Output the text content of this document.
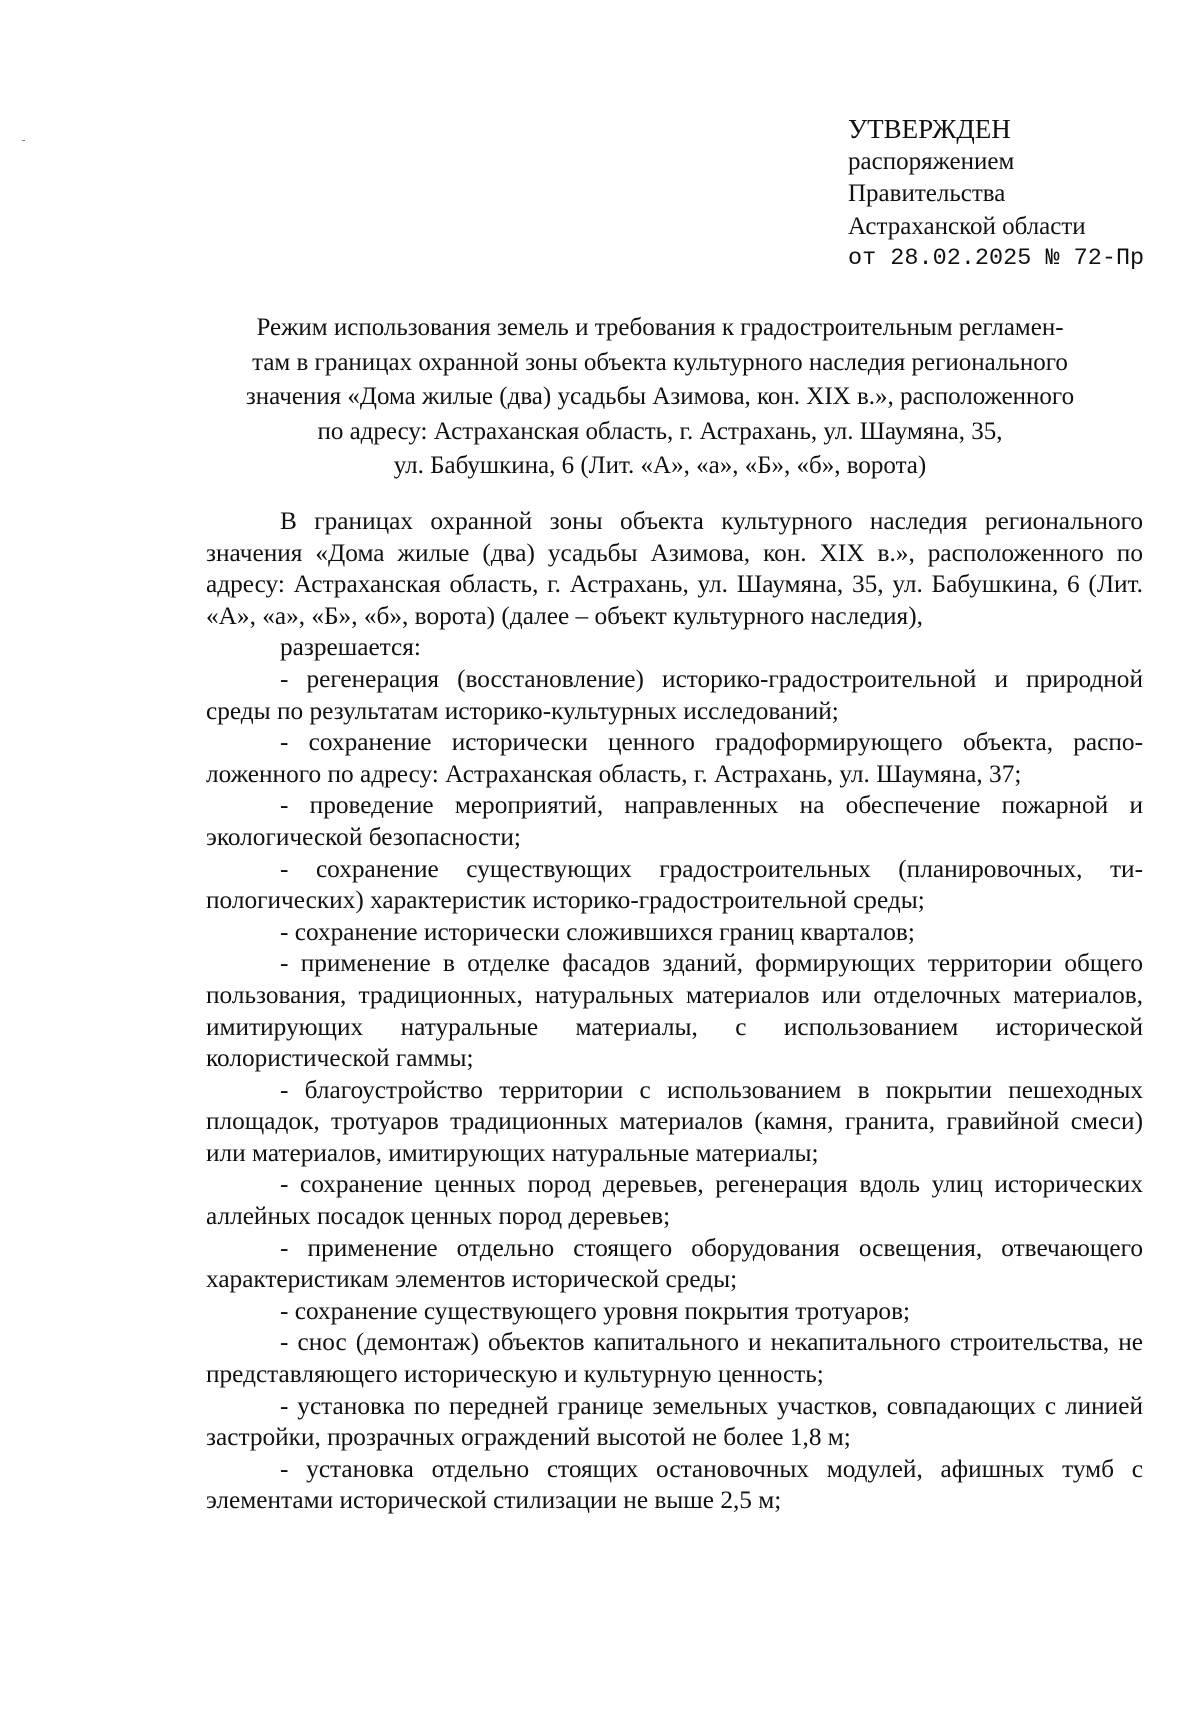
УТВЕРЖДЕН
распоряжением
Правительства
Астраханской области
от 28.02.2025 № 72-Пр
Режим использования земель и требования к градостроительным регламен-
там в границах охранной зоны объекта культурного наследия регионального
значения «Дома жилые (два) усадьбы Азимова, кон. XIX в.», расположенного
по адресу: Астраханская область, г. Астрахань, ул. Шаумяна, 35,
ул. Бабушкина, 6 (Лит. «А», «а», «Б», «б», ворота)

В границах охранной зоны объекта культурного наследия регионального значения «Дома жилые (два) усадьбы Азимова, кон. XIX в.», расположенного по адресу: Астраханская область, г. Астрахань, ул. Шаумяна, 35, ул. Бабушкина, 6 (Лит. «А», «а», «Б», «б», ворота) (далее – объект культурного наследия),

разрешается:

- регенерация (восстановление) историко-градостроительной и природной среды по результатам историко-культурных исследований;

- сохранение исторически ценного градоформирующего объекта, расположенного по адресу: Астраханская область, г. Астрахань, ул. Шаумяна, 37;

- проведение мероприятий, направленных на обеспечение пожарной и экологической безопасности;

- сохранение существующих градостроительных (планировочных, типологических) характеристик историко-градостроительной среды;

- сохранение исторически сложившихся границ кварталов;

- применение в отделке фасадов зданий, формирующих территории общего пользования, традиционных, натуральных материалов или отделочных материалов, имитирующих натуральные материалы, с использованием исторической колористической гаммы;

- благоустройство территории с использованием в покрытии пешеходных площадок, тротуаров традиционных материалов (камня, гранита, гравийной смеси) или материалов, имитирующих натуральные материалы;

- сохранение ценных пород деревьев, регенерация вдоль улиц исторических аллейных посадок ценных пород деревьев;

- применение отдельно стоящего оборудования освещения, отвечающего характеристикам элементов исторической среды;

- сохранение существующего уровня покрытия тротуаров;

- снос (демонтаж) объектов капитального и некапитального строительства, не представляющего историческую и культурную ценность;

- установка по передней границе земельных участков, совпадающих с линией застройки, прозрачных ограждений высотой не более 1,8 м;

- установка отдельно стоящих остановочных модулей, афишных тумб с элементами исторической стилизации не выше 2,5 м;
